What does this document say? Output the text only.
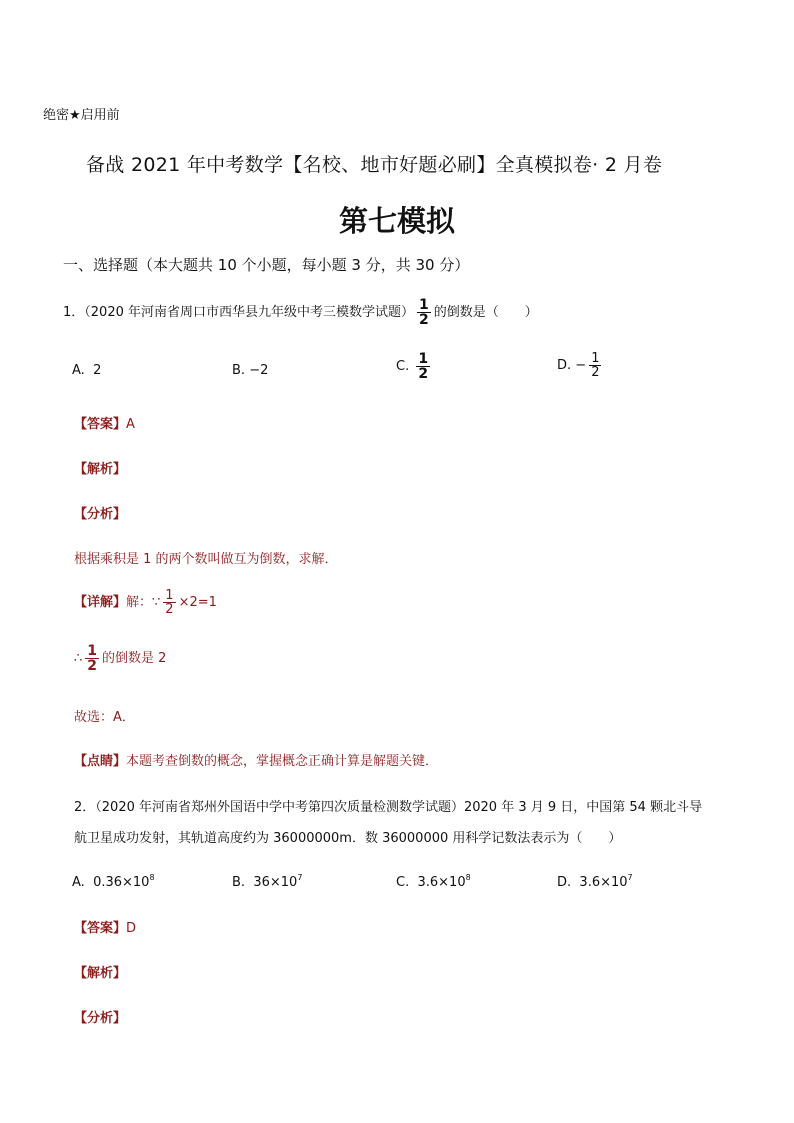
绝密★启用前
备战 2021 年中考数学【名校、地市好题必刷】全真模拟卷· 2 月卷
第七模拟
一、选择题（本大题共 10 个小题，每小题 3 分，共 30 分）
1．（2020 年河南省周口市西华县九年级中考三模数学试题） $\frac{1}{2}$ 的倒数是（　　）
A. 2	B. −2	C. $\frac{1}{2}$	D. − $\frac{1}{2}$
【答案】A
【解析】
【分析】
根据乘积是 1 的两个数叫做互为倒数，求解．
【详解】解：∵ $\frac{1}{2} \times 2=1$
∴ $\frac{1}{2}$ 的倒数是 2
故选：A．
【点睛】本题考查倒数的概念，掌握概念正确计算是解题关键．
2．（2020 年河南省郑州外国语中学中考第四次质量检测数学试题）2020 年 3 月 9 日，中国第 54 颗北斗导
航卫星成功发射，其轨道高度约为 36000000m．数 36000000 用科学记数法表示为（　　）
A. $0.36\times 10^8$	B. $36\times 10^7$	C. $3.6\times 10^8$	D. $3.6\times 10^7$
【答案】D
【解析】
【分析】
